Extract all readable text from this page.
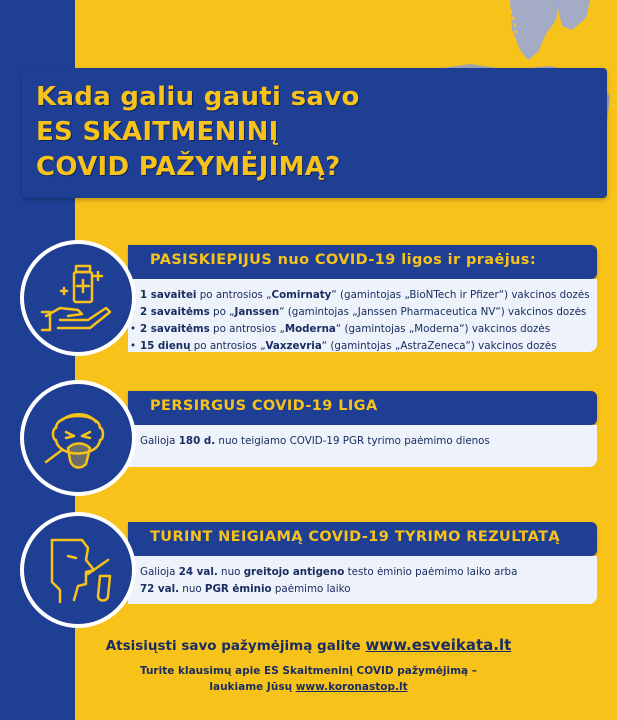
Kada galiu gauti savo
ES SKAITMENINĮ
COVID PAŽYMĖJIMĄ?
PASISKIEPIJUS nuo COVID-19 ligos ir praėjus:
• 1 savaitei po antrosios „Comirnaty“ (gamintojas „BioNTech ir Pfizer“) vakcinos dozės
• 2 savaitėms po „Janssen“ (gamintojas „Janssen Pharmaceutica NV“) vakcinos dozės
• 2 savaitėms po antrosios „Moderna“ (gamintojas „Moderna“) vakcinos dozės
• 15 dienų po antrosios „Vaxzevria“ (gamintojas „AstraZeneca“) vakcinos dozės
PERSIRGUS COVID-19 LIGA
• Galioja 180 d. nuo teigiamo COVID-19 PGR tyrimo paėmimo dienos
TURINT NEIGIAMĄ COVID-19 TYRIMO REZULTATĄ
• Galioja 24 val. nuo greitojo antigeno testo ėminio paėmimo laiko arba
72 val. nuo PGR ėminio paėmimo laiko
Atsisiųsti savo pažymėjimą galite www.esveikata.lt
Turite klausimų apie ES Skaitmeninį COVID pažymėjimą –
laukiame Jūsų www.koronastop.lt
